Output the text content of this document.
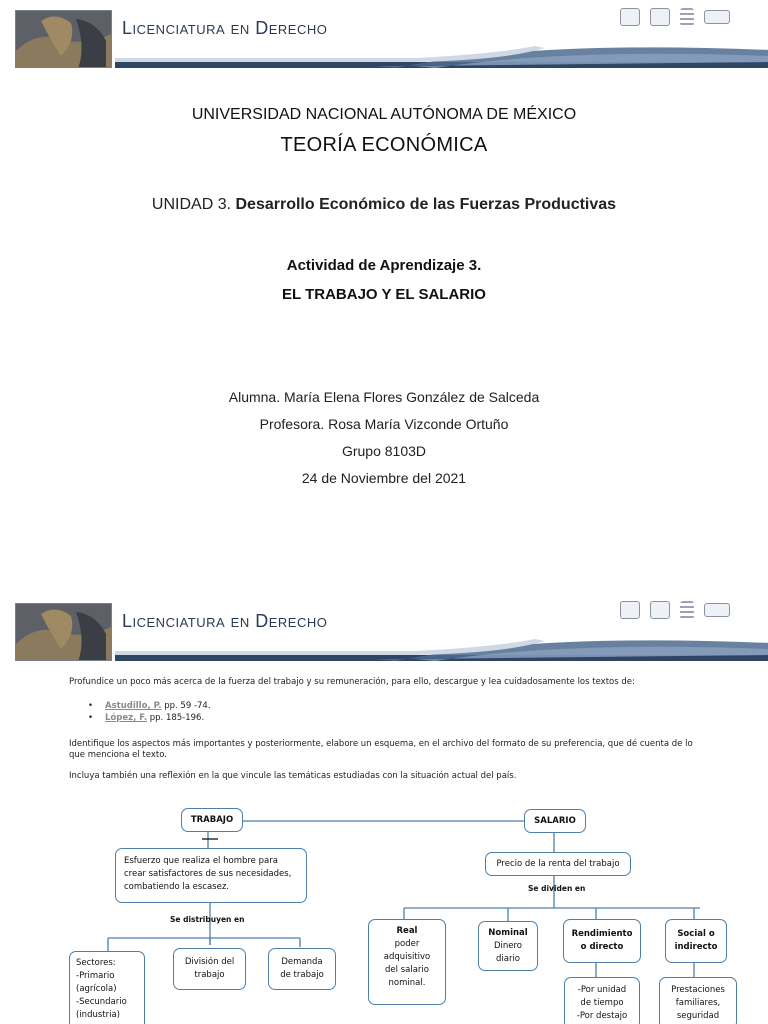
Licenciatura en Derecho
UNIVERSIDAD NACIONAL AUTÓNOMA DE MÉXICO
TEORÍA ECONÓMICA
UNIDAD 3. Desarrollo Económico de las Fuerzas Productivas
Actividad de Aprendizaje 3.
EL TRABAJO Y EL SALARIO
Alumna. María Elena Flores González de Salceda
Profesora. Rosa María Vizconde Ortuño
Grupo 8103D
24 de Noviembre del 2021
Licenciatura en Derecho
Profundice un poco más acerca de la fuerza del trabajo y su remuneración, para ello, descargue y lea cuidadosamente los textos de:
• Astudillo, P. pp. 59 -74.
• López, F. pp. 185-196.
Identifique los aspectos más importantes y posteriormente, elabore un esquema, en el archivo del formato de su preferencia, que dé cuenta de lo que menciona el texto.
Incluya también una reflexión en la que vincule las temáticas estudiadas con la situación actual del país.
TRABAJO	SALARIO
Esfuerzo que realiza el hombre para crear satisfactores de sus necesidades, combatiendo la escasez.
Se distribuyen en
Precio de la renta del trabajo
Se dividen en
Sectores:
-Primario
(agrícola)
-Secundario
(industria)
División del
trabajo
Demanda
de trabajo
Real
poder
adquisitivo
del salario
nominal.
Nominal
Dinero
diario
Rendimiento o directo
Social o indirecto
-Por unidad
de tiempo
-Por destajo
Prestaciones
familiares,
seguridad
